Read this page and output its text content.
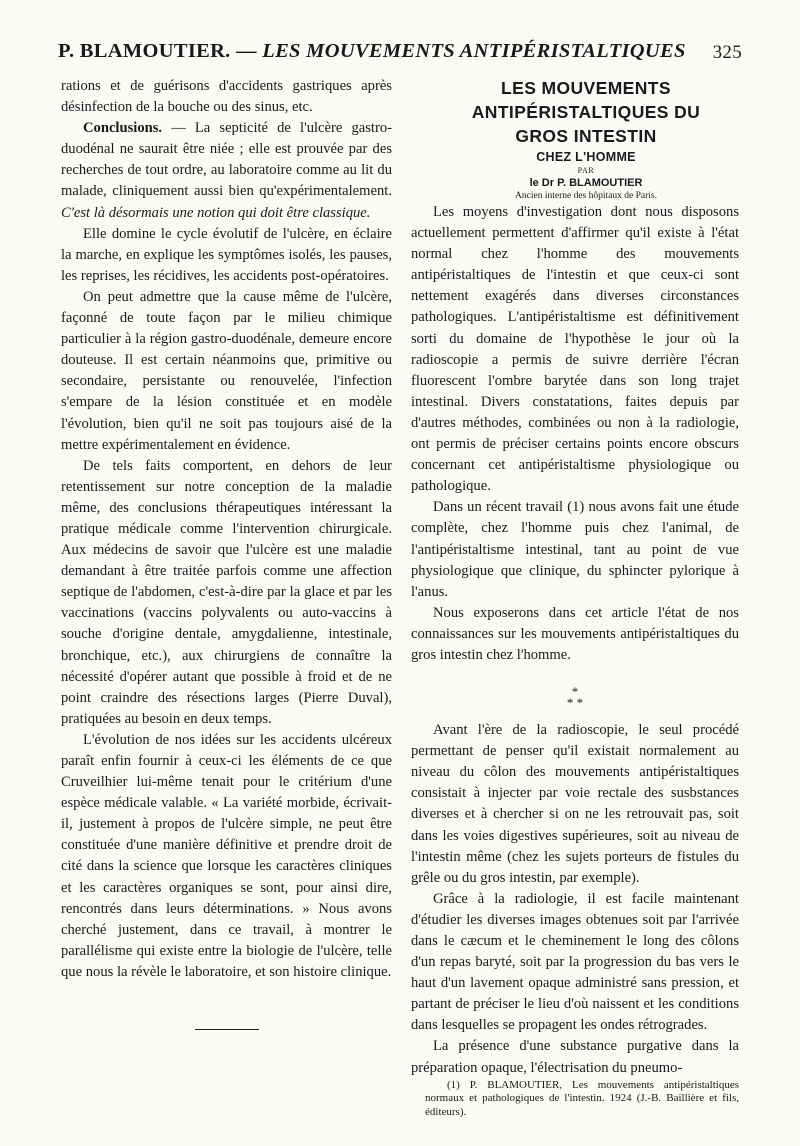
P. BLAMOUTIER. — LES MOUVEMENTS ANTIPÉRISTALTIQUES 325

rations et de guérisons d'accidents gastriques après désinfection de la bouche ou des sinus, etc.

Conclusions. — La septicité de l'ulcère gastro-duodénal ne saurait être niée ; elle est prouvée par des recherches de tout ordre, au laboratoire comme au lit du malade, cliniquement aussi bien qu'expérimentalement. C'est là désormais une notion qui doit être classique.

Elle domine le cycle évolutif de l'ulcère, en éclaire la marche, en explique les symptômes isolés, les pauses, les reprises, les récidives, les accidents post-opératoires.

On peut admettre que la cause même de l'ulcère, façonné de toute façon par le milieu chimique particulier à la région gastro-duodénale, demeure encore douteuse. Il est certain néanmoins que, primitive ou secondaire, persistante ou renouvelée, l'infection s'empare de la lésion constituée et en modèle l'évolution, bien qu'il ne soit pas toujours aisé de la mettre expérimentalement en évidence.

De tels faits comportent, en dehors de leur retentissement sur notre conception de la maladie même, des conclusions thérapeutiques intéressant la pratique médicale comme l'intervention chirurgicale. Aux médecins de savoir que l'ulcère est une maladie demandant à être traitée parfois comme une affection septique de l'abdomen, c'est-à-dire par la glace et par les vaccinations (vaccins polyvalents ou auto-vaccins à souche d'origine dentale, amygdalienne, intestinale, bronchique, etc.), aux chirurgiens de connaître la nécessité d'opérer autant que possible à froid et de ne point craindre des résections larges (Pierre Duval), pratiquées au besoin en deux temps.

L'évolution de nos idées sur les accidents ulcéreux paraît enfin fournir à ceux-ci les éléments de ce que Cruveilhier lui-même tenait pour le critérium d'une espèce médicale valable. « La variété morbide, écrivait-il, justement à propos de l'ulcère simple, ne peut être constituée d'une manière définitive et prendre droit de cité dans la science que lorsque les caractères cliniques et les caractères organiques se sont, pour ainsi dire, rencontrés dans leurs déterminations. » Nous avons cherché justement, dans ce travail, à montrer le parallélisme qui existe entre la biologie de l'ulcère, telle que nous la révèle le laboratoire, et son histoire clinique.

LES MOUVEMENTS

ANTIPÉRISTALTIQUES DU

GROS INTESTIN

CHEZ L'HOMME

PAR

le Dr P. BLAMOUTIER

Ancien interne des hôpitaux de Paris.

Les moyens d'investigation dont nous disposons actuellement permettent d'affirmer qu'il existe à l'état normal chez l'homme des mouvements antipéristaltiques de l'intestin et que ceux-ci sont nettement exagérés dans diverses circonstances pathologiques. L'antipéristaltisme est définitivement sorti du domaine de l'hypothèse le jour où la radioscopie a permis de suivre derrière l'écran fluorescent l'ombre barytée dans son long trajet intestinal. Divers constatations, faites depuis par d'autres méthodes, combinées ou non à la radiologie, ont permis de préciser certains points encore obscurs concernant cet antipéristaltisme physiologique ou pathologique.

Dans un récent travail (1) nous avons fait une étude complète, chez l'homme puis chez l'animal, de l'antipéristaltisme intestinal, tant au point de vue physiologique que clinique, du sphincter pylorique à l'anus.

Nous exposerons dans cet article l'état de nos connaissances sur les mouvements antipéristaltiques du gros intestin chez l'homme.

*
* *

Avant l'ère de la radioscopie, le seul procédé permettant de penser qu'il existait normalement au niveau du côlon des mouvements antipéristaltiques consistait à injecter par voie rectale des susbstances diverses et à chercher si on ne les retrouvait pas, soit dans les voies digestives supérieures, soit au niveau de l'intestin même (chez les sujets porteurs de fistules du grêle ou du gros intestin, par exemple).

Grâce à la radiologie, il est facile maintenant d'étudier les diverses images obtenues soit par l'arrivée dans le cæcum et le cheminement le long des côlons d'un repas baryté, soit par la progression du bas vers le haut d'un lavement opaque administré sans pression, et partant de préciser le lieu d'où naissent et les conditions dans lesquelles se propagent les ondes rétrogrades.

La présence d'une substance purgative dans la préparation opaque, l'électrisation du pneumo-

(1) P. BLAMOUTIER, Les mouvements antipéristaltiques normaux et pathologiques de l'intestin. 1924 (J.-B. Baillière et fils, éditeurs).
